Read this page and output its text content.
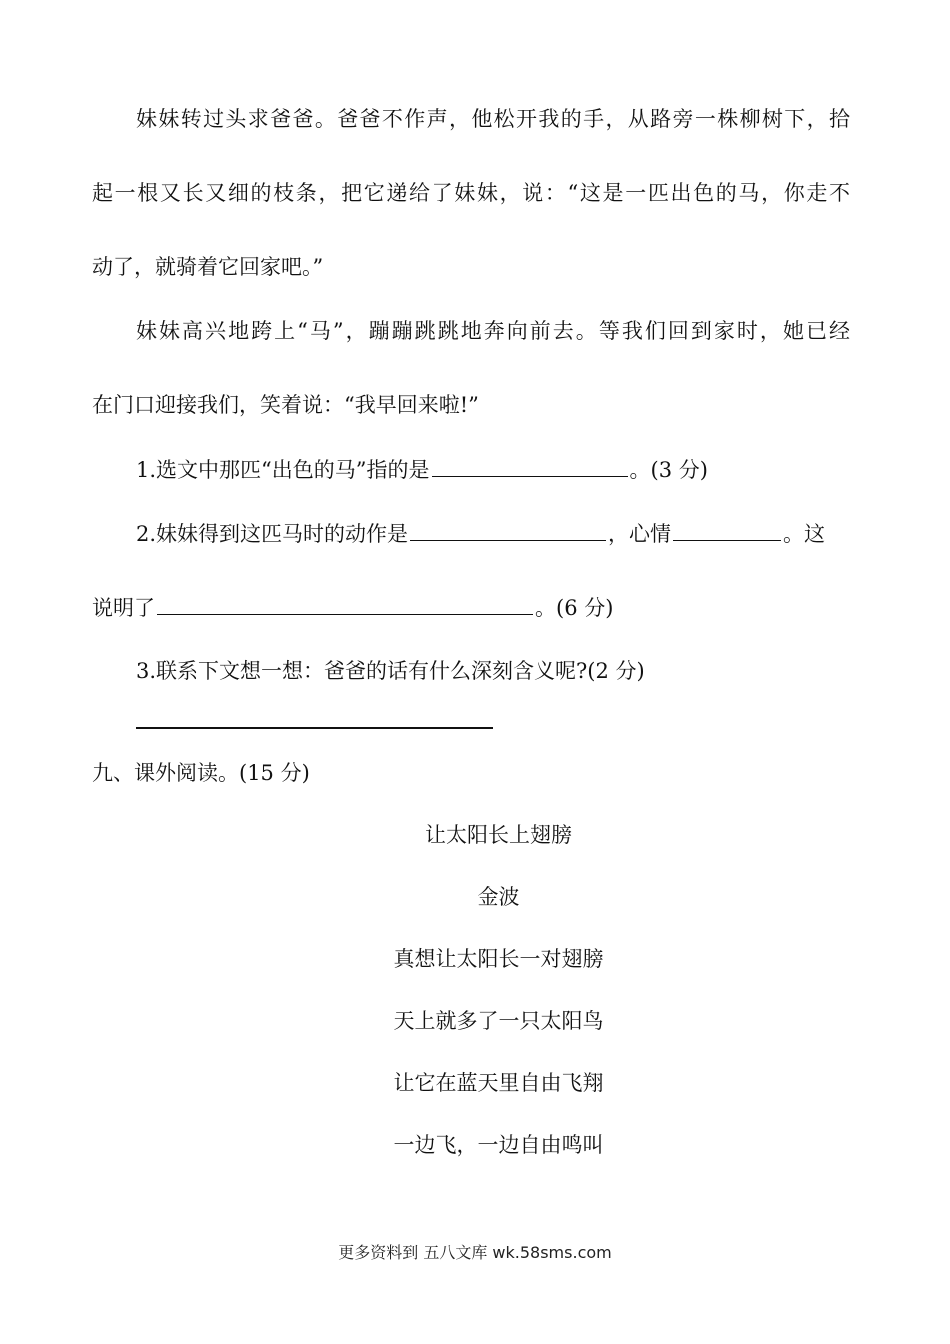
妹妹转过头求爸爸。爸爸不作声，他松开我的手，从路旁一株柳树下，拾
起一根又长又细的枝条，把它递给了妹妹，说：“这是一匹出色的马，你走不
动了，就骑着它回家吧。”
妹妹高兴地跨上“马”，蹦蹦跳跳地奔向前去。等我们回到家时，她已经
在门口迎接我们，笑着说：“我早回来啦!”
1.选文中那匹“出色的马”指的是	。(3 分)
2.妹妹得到这匹马时的动作是	，心情	。这
说明了	。(6 分)
3.联系下文想一想：爸爸的话有什么深刻含义呢?(2 分)
九、课外阅读。(15 分)
让太阳长上翅膀
金波
真想让太阳长一对翅膀
天上就多了一只太阳鸟
让它在蓝天里自由飞翔
一边飞，一边自由鸣叫
更多资料到 五八文库 wk.58sms.com
